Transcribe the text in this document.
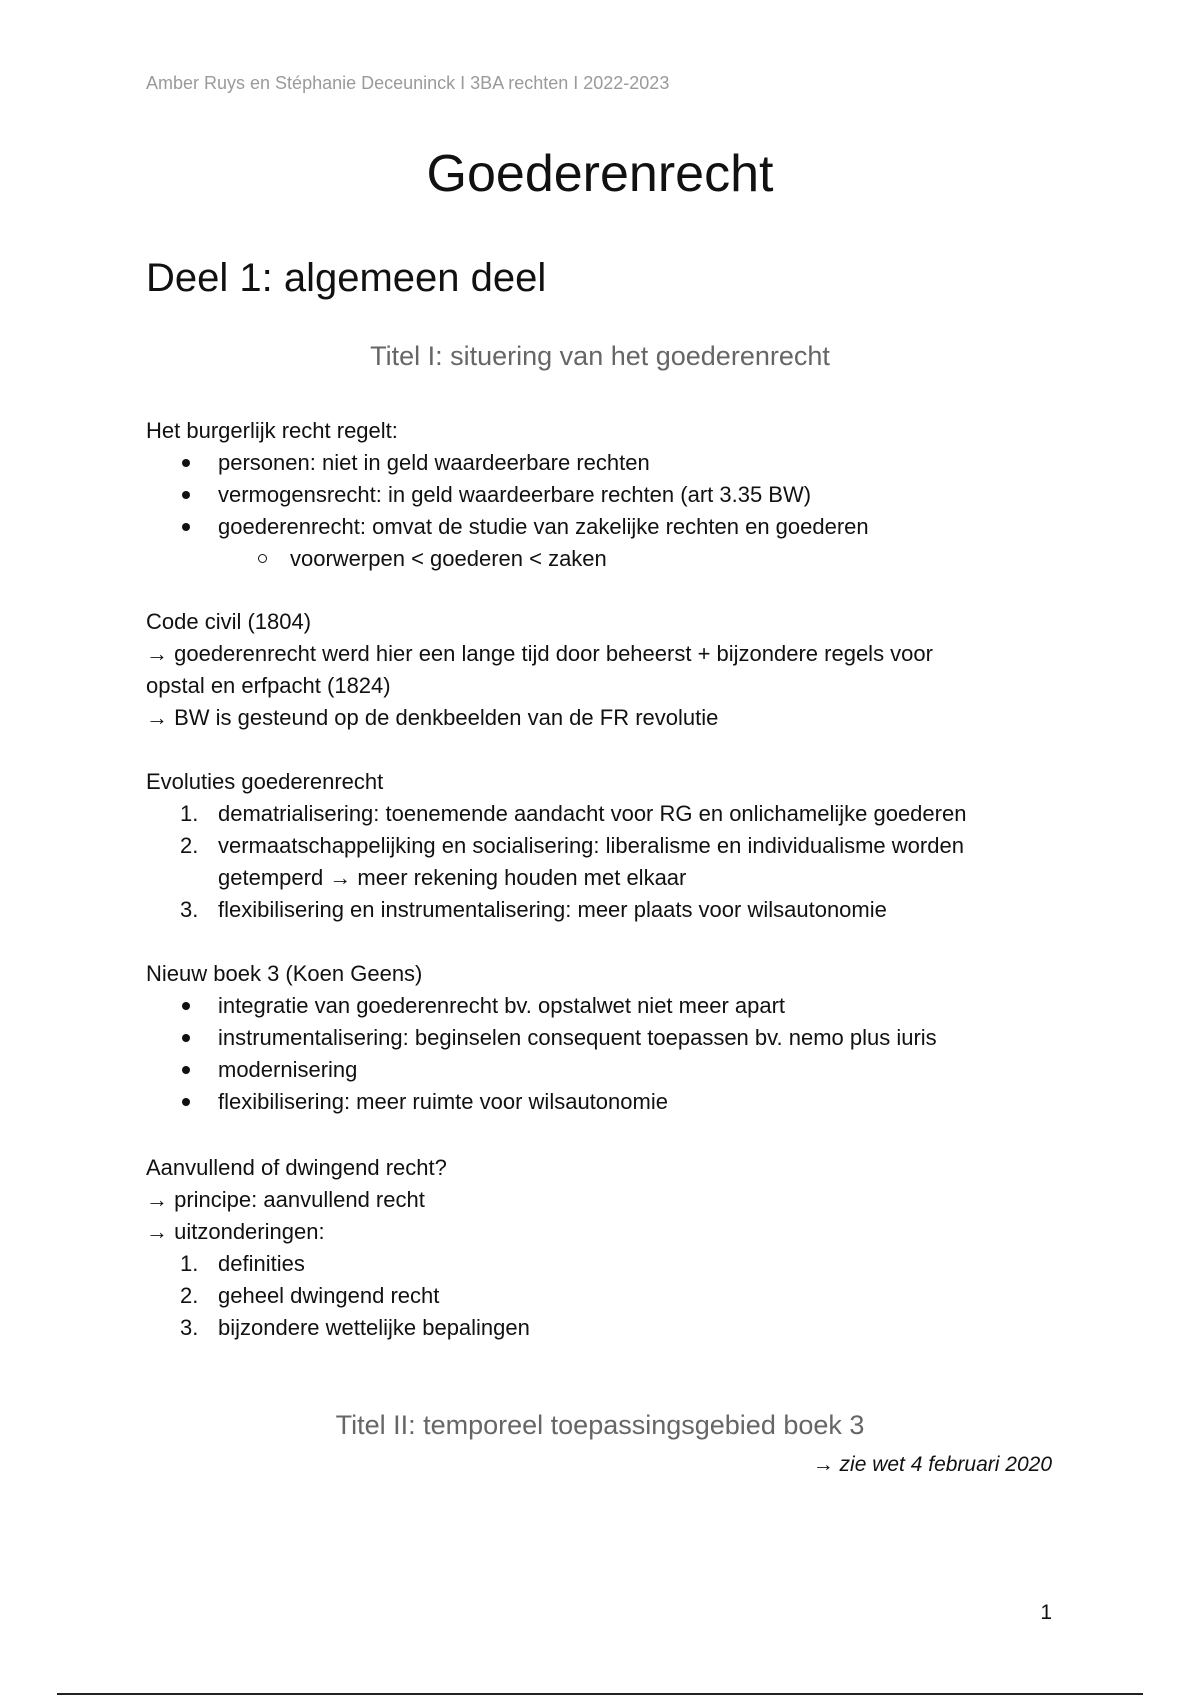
Amber Ruys en Stéphanie Deceuninck I 3BA rechten I 2022-2023
Goederenrecht
Deel 1: algemeen deel
Titel I: situering van het goederenrecht
Het burgerlijk recht regelt:
personen: niet in geld waardeerbare rechten
vermogensrecht: in geld waardeerbare rechten (art 3.35 BW)
goederenrecht: omvat de studie van zakelijke rechten en goederen
voorwerpen < goederen < zaken
Code civil (1804)
→ goederenrecht werd hier een lange tijd door beheerst + bijzondere regels voor
opstal en erfpacht (1824)
→ BW is gesteund op de denkbeelden van de FR revolutie
Evoluties goederenrecht
1. dematrialisering: toenemende aandacht voor RG en onlichamelijke goederen
2. vermaatschappelijking en socialisering: liberalisme en individualisme worden
getemperd → meer rekening houden met elkaar
3. flexibilisering en instrumentalisering: meer plaats voor wilsautonomie
Nieuw boek 3 (Koen Geens)
integratie van goederenrecht bv. opstalwet niet meer apart
instrumentalisering: beginselen consequent toepassen bv. nemo plus iuris
modernisering
flexibilisering: meer ruimte voor wilsautonomie
Aanvullend of dwingend recht?
→ principe: aanvullend recht
→ uitzonderingen:
1. definities
2. geheel dwingend recht
3. bijzondere wettelijke bepalingen
Titel II: temporeel toepassingsgebied boek 3
→ zie wet 4 februari 2020
1
